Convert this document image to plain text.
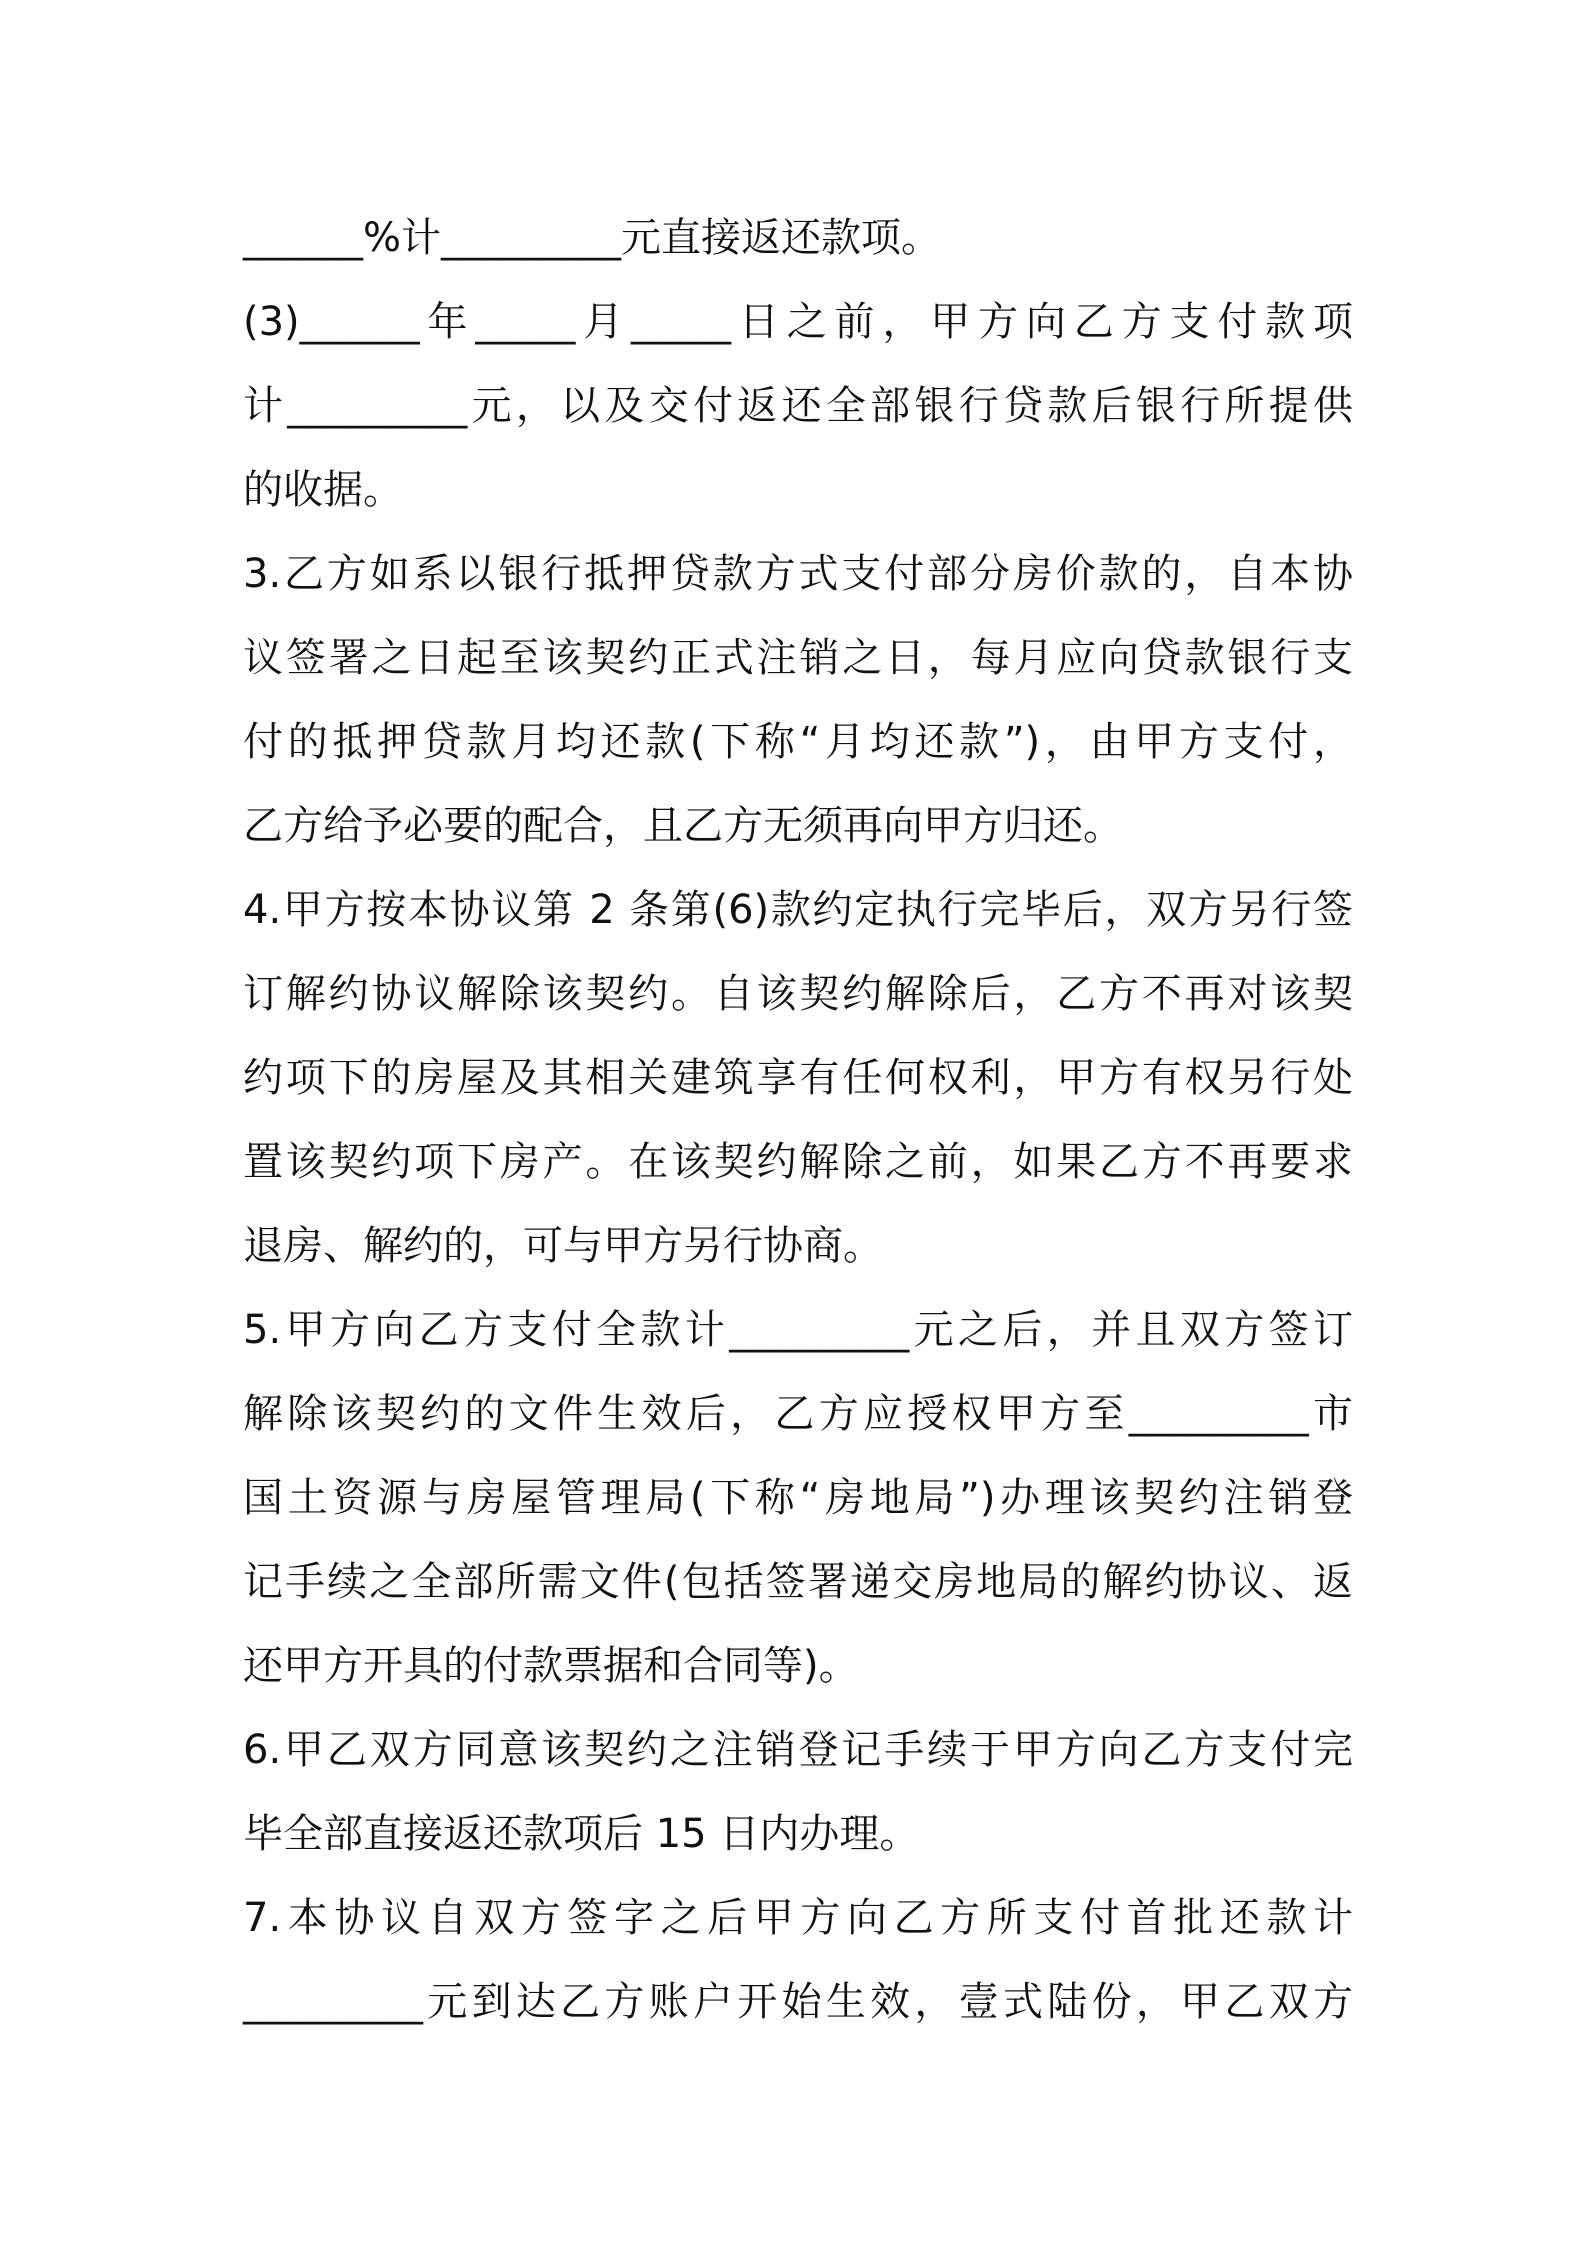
______%计_________元直接返还款项。
(3)______年_____月_____日之前，甲方向乙方支付款项
计_________元，以及交付返还全部银行贷款后银行所提供
的收据。
3.乙方如系以银行抵押贷款方式支付部分房价款的，自本协
议签署之日起至该契约正式注销之日，每月应向贷款银行支
付的抵押贷款月均还款(下称“月均还款”)，由甲方支付，
乙方给予必要的配合，且乙方无须再向甲方归还。
4.甲方按本协议第 2 条第(6)款约定执行完毕后，双方另行签
订解约协议解除该契约。自该契约解除后，乙方不再对该契
约项下的房屋及其相关建筑享有任何权利，甲方有权另行处
置该契约项下房产。在该契约解除之前，如果乙方不再要求
退房、解约的，可与甲方另行协商。
5.甲方向乙方支付全款计_________元之后，并且双方签订
解除该契约的文件生效后，乙方应授权甲方至_________市
国土资源与房屋管理局(下称“房地局”)办理该契约注销登
记手续之全部所需文件(包括签署递交房地局的解约协议、返
还甲方开具的付款票据和合同等)。
6.甲乙双方同意该契约之注销登记手续于甲方向乙方支付完
毕全部直接返还款项后 15 日内办理。
7.本协议自双方签字之后甲方向乙方所支付首批还款计
_________元到达乙方账户开始生效，壹式陆份，甲乙双方
